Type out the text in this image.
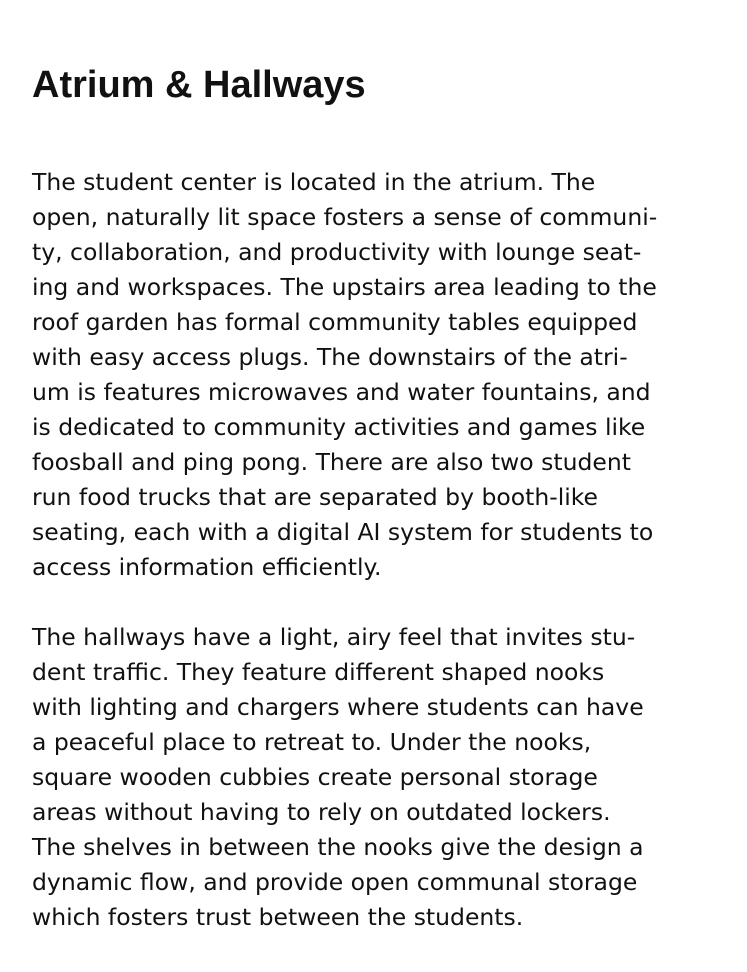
Atrium & Hallways

The student center is located in the atrium. The
open, naturally lit space fosters a sense of communi-
ty, collaboration, and productivity with lounge seat-
ing and workspaces. The upstairs area leading to the
roof garden has formal community tables equipped
with easy access plugs. The downstairs of the atri-
um is features microwaves and water fountains, and
is dedicated to community activities and games like
foosball and ping pong. There are also two student
run food trucks that are separated by booth-like
seating, each with a digital AI system for students to
access information efficiently.

The hallways have a light, airy feel that invites stu-
dent traffic. They feature different shaped nooks
with lighting and chargers where students can have
a peaceful place to retreat to. Under the nooks,
square wooden cubbies create personal storage
areas without having to rely on outdated lockers.
The shelves in between the nooks give the design a
dynamic flow, and provide open communal storage
which fosters trust between the students.
